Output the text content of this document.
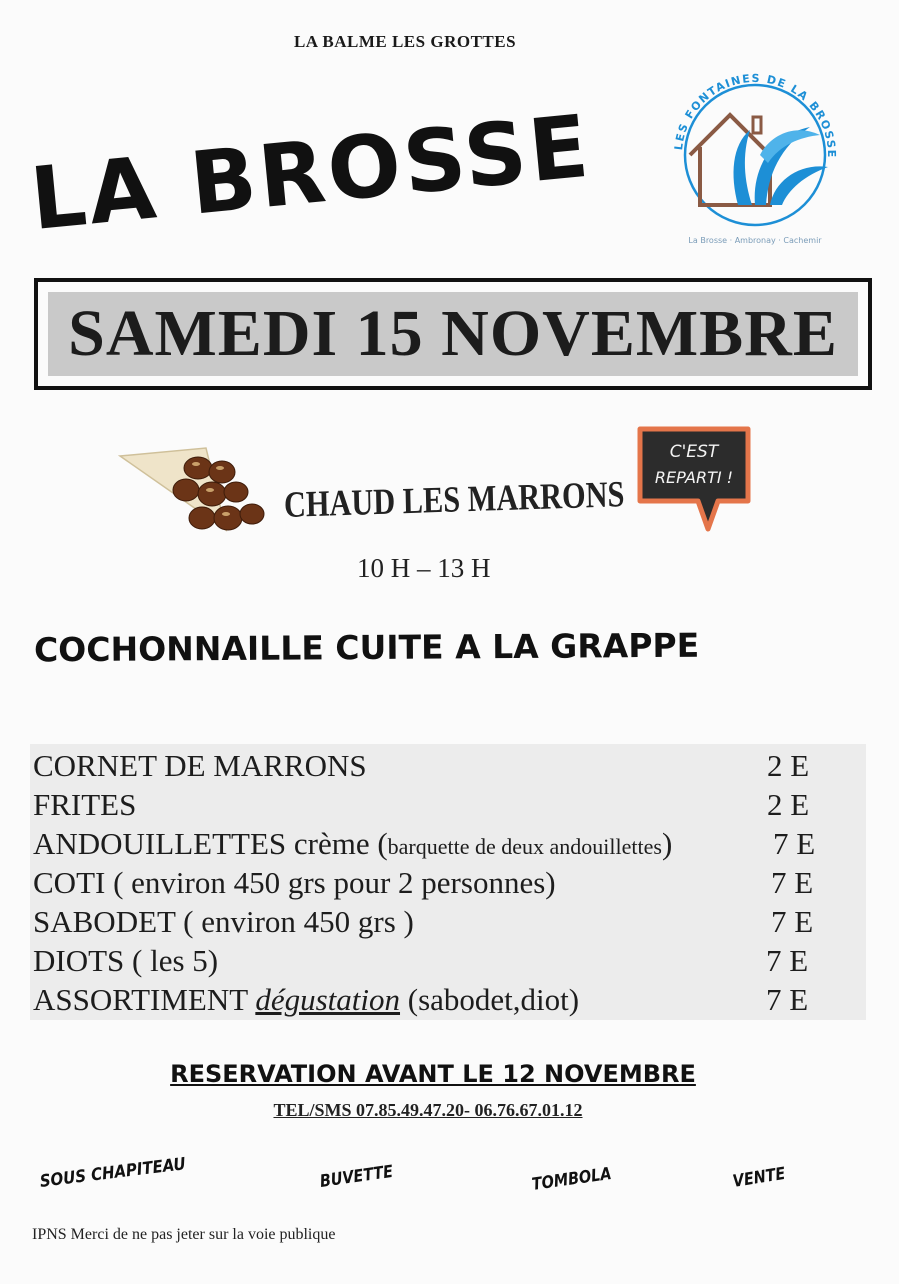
LA BALME LES GROTTES
LA BROSSE	LES FONTAINES DE LA BROSSE
La Brosse · Ambronay · Cachemir
SAMEDI 15 NOVEMBRE
C'EST
REPARTI !
CHAUD LES MARRONS
10 H – 13 H
COCHONNAILLE CUITE A LA GRAPPE
CORNET DE MARRONS	2 E
FRITES	2 E
ANDOUILLETTES crème (barquette de deux andouillettes)	7 E
COTI ( environ 450 grs pour 2 personnes)	7 E
SABODET ( environ 450 grs )	7 E
DIOTS ( les 5)	7 E
ASSORTIMENT dégustation (sabodet,diot)	7 E
RESERVATION AVANT LE 12 NOVEMBRE
TEL/SMS 07.85.49.47.20- 06.76.67.01.12
SOUS CHAPITEAU	BUVETTE	TOMBOLA	VENTE
IPNS Merci de ne pas jeter sur la voie publique
